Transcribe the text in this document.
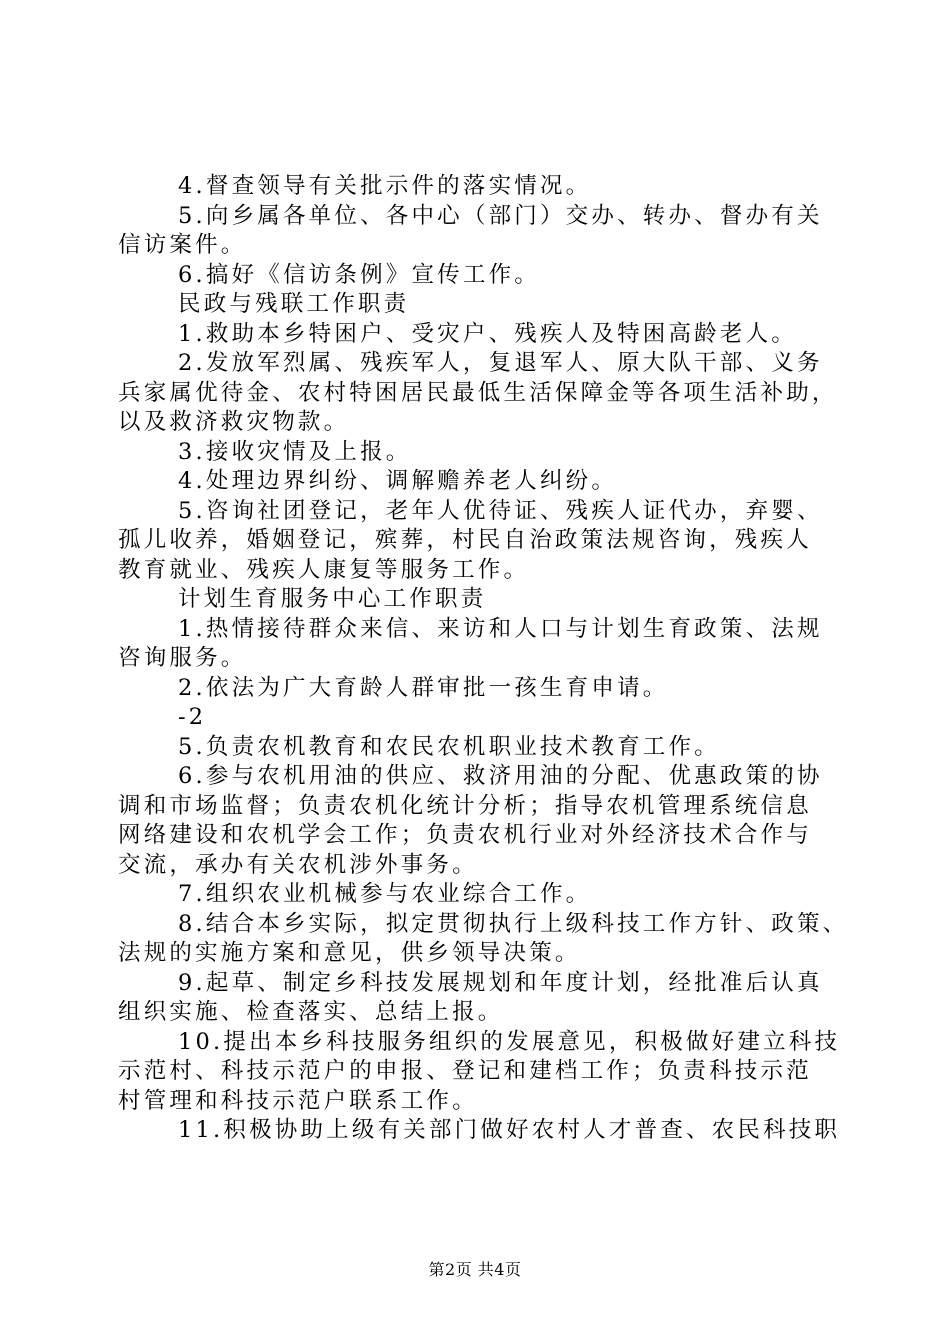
4.督查领导有关批示件的落实情况。
5.向乡属各单位、各中心（部门）交办、转办、督办有关
信访案件。
6.搞好《信访条例》宣传工作。
民政与残联工作职责
1.救助本乡特困户、受灾户、残疾人及特困高龄老人。
2.发放军烈属、残疾军人，复退军人、原大队干部、义务
兵家属优待金、农村特困居民最低生活保障金等各项生活补助，
以及救济救灾物款。
3.接收灾情及上报。
4.处理边界纠纷、调解赡养老人纠纷。
5.咨询社团登记，老年人优待证、残疾人证代办，弃婴、
孤儿收养，婚姻登记，殡葬，村民自治政策法规咨询，残疾人
教育就业、残疾人康复等服务工作。
计划生育服务中心工作职责
1.热情接待群众来信、来访和人口与计划生育政策、法规
咨询服务。
2.依法为广大育龄人群审批一孩生育申请。
-2
5.负责农机教育和农民农机职业技术教育工作。
6.参与农机用油的供应、救济用油的分配、优惠政策的协
调和市场监督；负责农机化统计分析；指导农机管理系统信息
网络建设和农机学会工作；负责农机行业对外经济技术合作与
交流，承办有关农机涉外事务。
7.组织农业机械参与农业综合工作。
8.结合本乡实际，拟定贯彻执行上级科技工作方针、政策、
法规的实施方案和意见，供乡领导决策。
9.起草、制定乡科技发展规划和年度计划，经批准后认真
组织实施、检查落实、总结上报。
10.提出本乡科技服务组织的发展意见，积极做好建立科技
示范村、科技示范户的申报、登记和建档工作；负责科技示范
村管理和科技示范户联系工作。
11.积极协助上级有关部门做好农村人才普查、农民科技职
第2页 共4页
